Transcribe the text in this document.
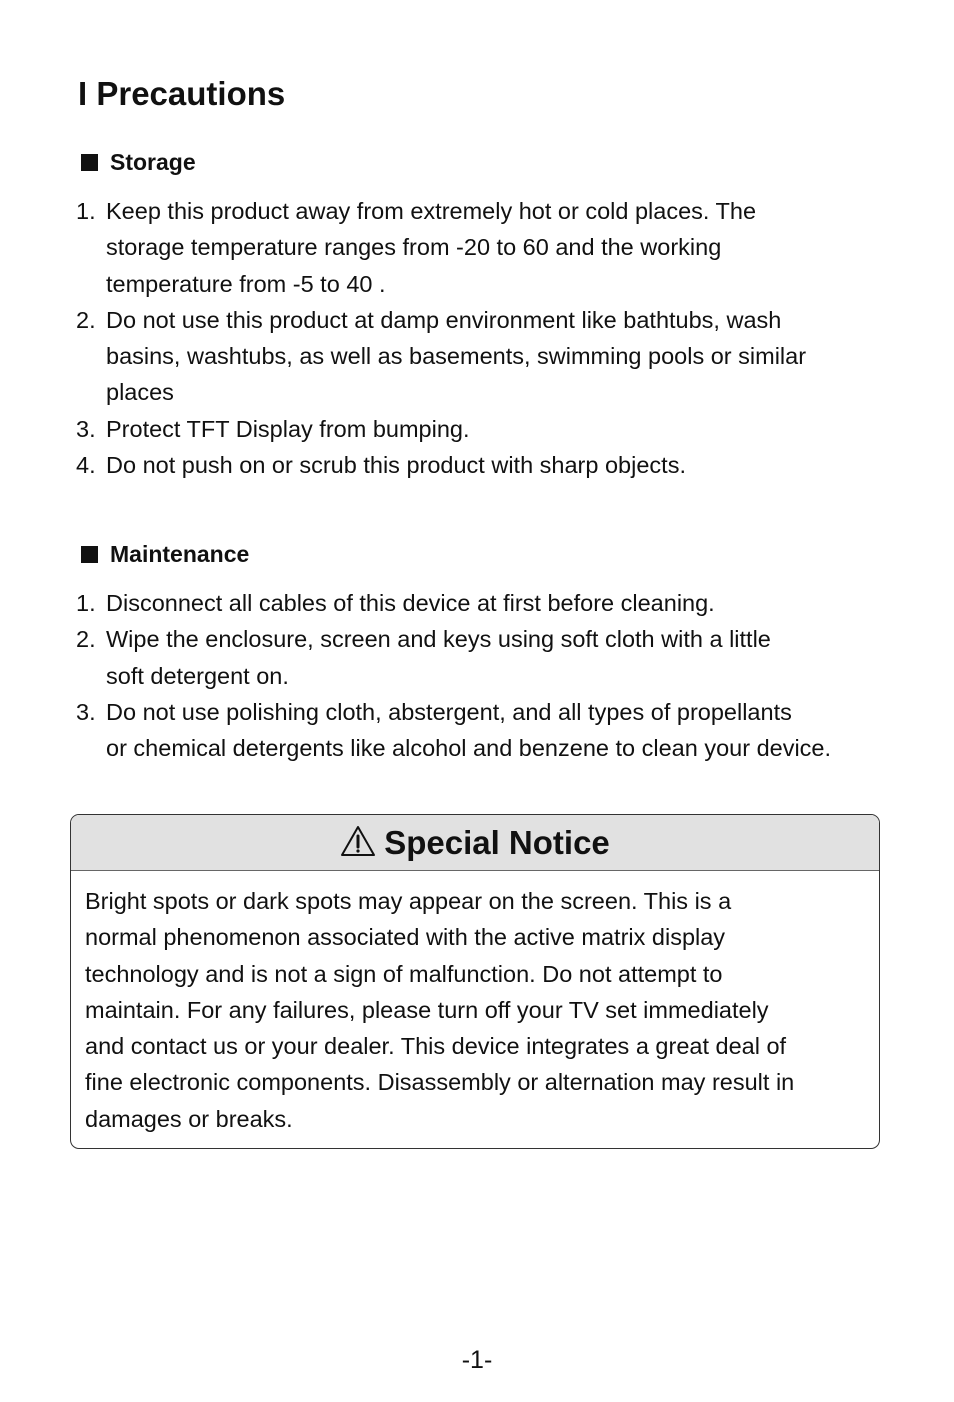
I Precautions
Storage
1. Keep this product away from extremely hot or cold places. The
storage temperature ranges from -20 to 60 and the working
temperature from -5 to 40 .
2. Do not use this product at damp environment like bathtubs, wash
basins, washtubs, as well as basements, swimming pools or similar
places
3. Protect TFT Display from bumping.
4. Do not push on or scrub this product with sharp objects.
Maintenance
1. Disconnect all cables of this device at first before cleaning.
2. Wipe the enclosure, screen and keys using soft cloth with a little
soft detergent on.
3. Do not use polishing cloth, abstergent, and all types of propellants
or chemical detergents like alcohol and benzene to clean your device.
Special Notice
Bright spots or dark spots may appear on the screen. This is a
normal phenomenon associated with the active matrix display
technology and is not a sign of malfunction. Do not attempt to
maintain. For any failures, please turn off your TV set immediately
and contact us or your dealer. This device integrates a great deal of
fine electronic components. Disassembly or alternation may result in
damages or breaks.
-1-
